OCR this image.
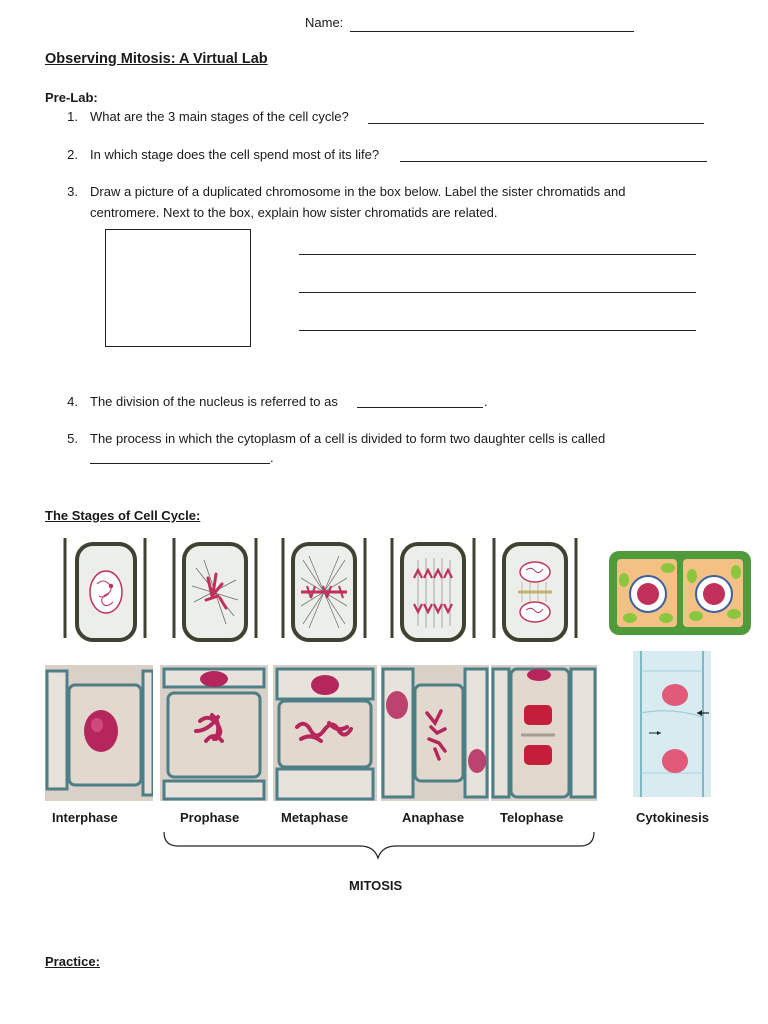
Name:
Observing Mitosis: A Virtual Lab
Pre-Lab:
1. What are the 3 main stages of the cell cycle?
2. In which stage does the cell spend most of its life?
3. Draw a picture of a duplicated chromosome in the box below. Label the sister chromatids and
centromere. Next to the box, explain how sister chromatids are related.
4. The division of the nucleus is referred to as	.
5. The process in which the cytoplasm of a cell is divided to form two daughter cells is called
.
The Stages of Cell Cycle:
Interphase	Prophase	Metaphase	Anaphase	Telophase	Cytokinesis
MITOSIS
Practice:
